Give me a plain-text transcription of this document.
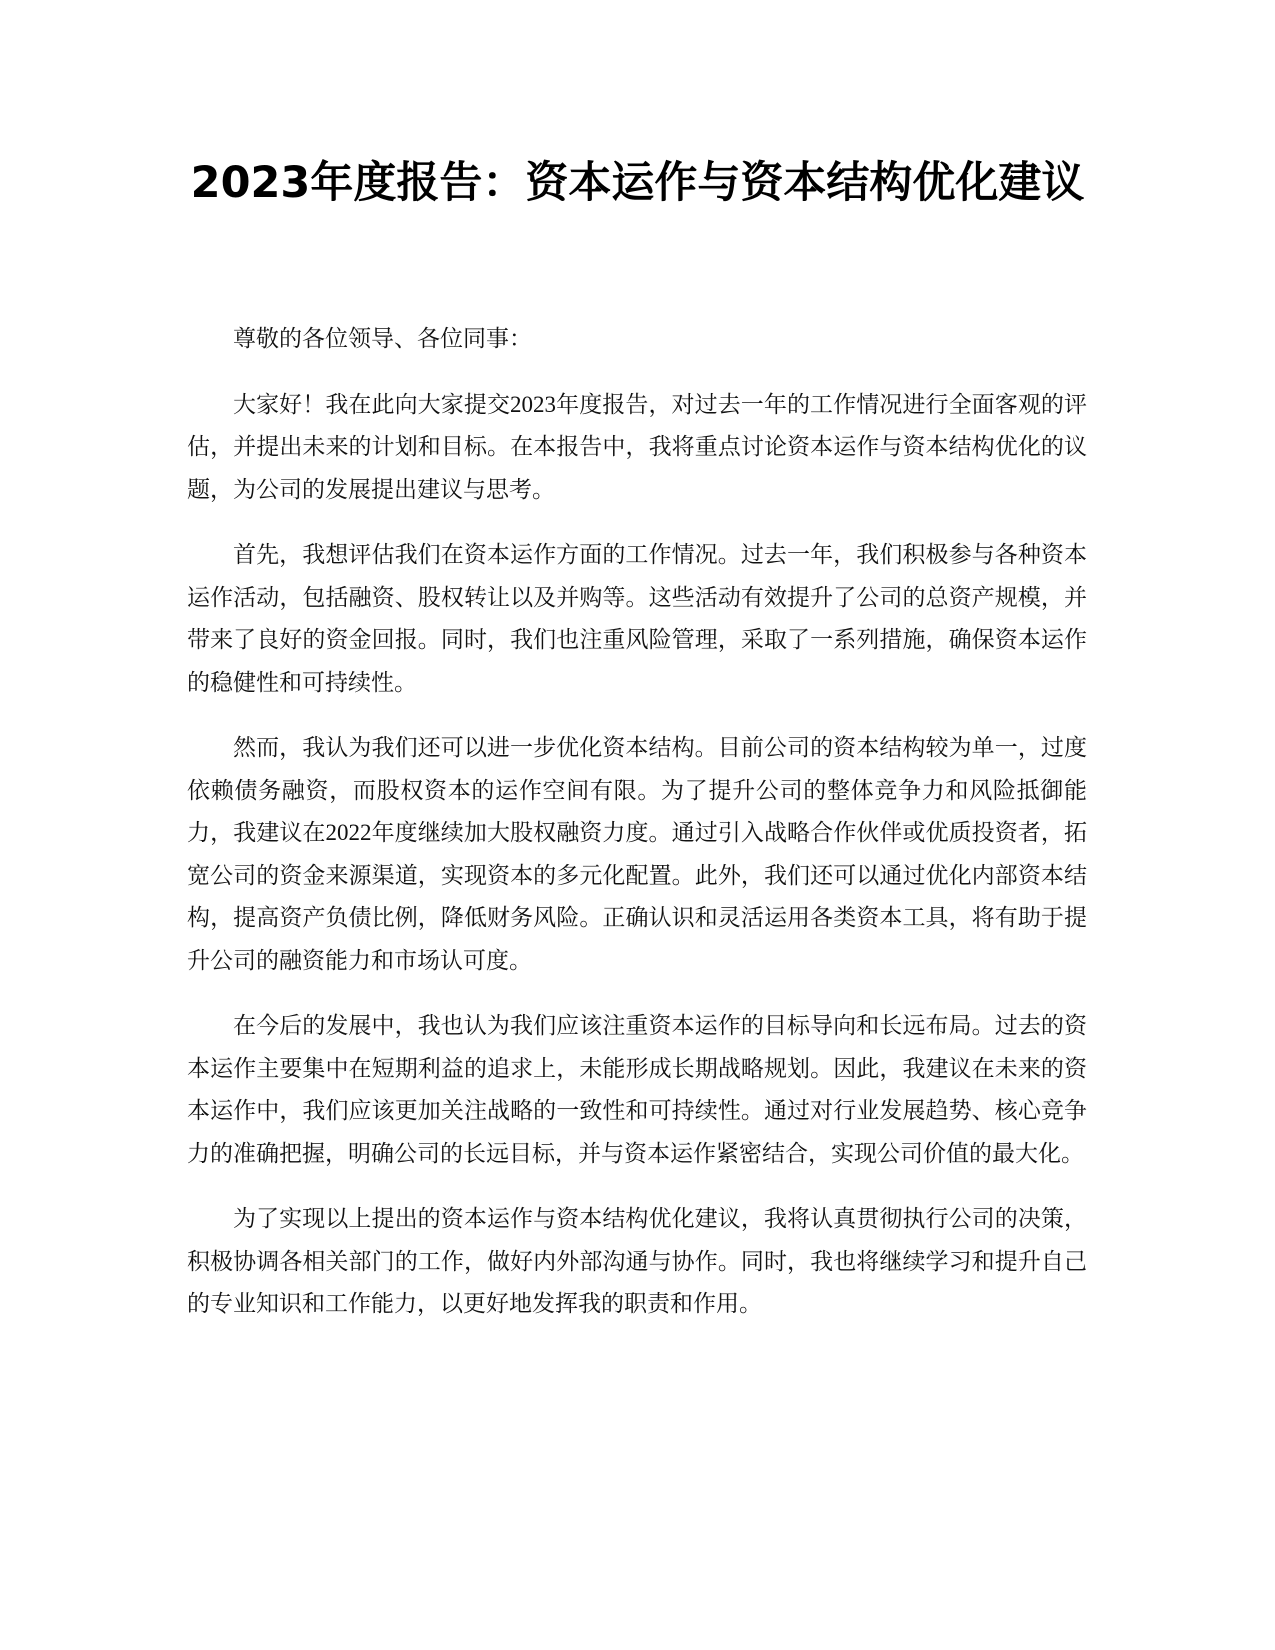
2023年度报告：资本运作与资本结构优化建议

尊敬的各位领导、各位同事：

大家好！我在此向大家提交2023年度报告，对过去一年的工作情况进行全面客观的评估，并提出未来的计划和目标。在本报告中，我将重点讨论资本运作与资本结构优化的议题，为公司的发展提出建议与思考。

首先，我想评估我们在资本运作方面的工作情况。过去一年，我们积极参与各种资本运作活动，包括融资、股权转让以及并购等。这些活动有效提升了公司的总资产规模，并带来了良好的资金回报。同时，我们也注重风险管理，采取了一系列措施，确保资本运作的稳健性和可持续性。

然而，我认为我们还可以进一步优化资本结构。目前公司的资本结构较为单一，过度依赖债务融资，而股权资本的运作空间有限。为了提升公司的整体竞争力和风险抵御能力，我建议在2022年度继续加大股权融资力度。通过引入战略合作伙伴或优质投资者，拓宽公司的资金来源渠道，实现资本的多元化配置。此外，我们还可以通过优化内部资本结构，提高资产负债比例，降低财务风险。正确认识和灵活运用各类资本工具，将有助于提升公司的融资能力和市场认可度。

在今后的发展中，我也认为我们应该注重资本运作的目标导向和长远布局。过去的资本运作主要集中在短期利益的追求上，未能形成长期战略规划。因此，我建议在未来的资本运作中，我们应该更加关注战略的一致性和可持续性。通过对行业发展趋势、核心竞争力的准确把握，明确公司的长远目标，并与资本运作紧密结合，实现公司价值的最大化。

为了实现以上提出的资本运作与资本结构优化建议，我将认真贯彻执行公司的决策，积极协调各相关部门的工作，做好内外部沟通与协作。同时，我也将继续学习和提升自己的专业知识和工作能力，以更好地发挥我的职责和作用。
